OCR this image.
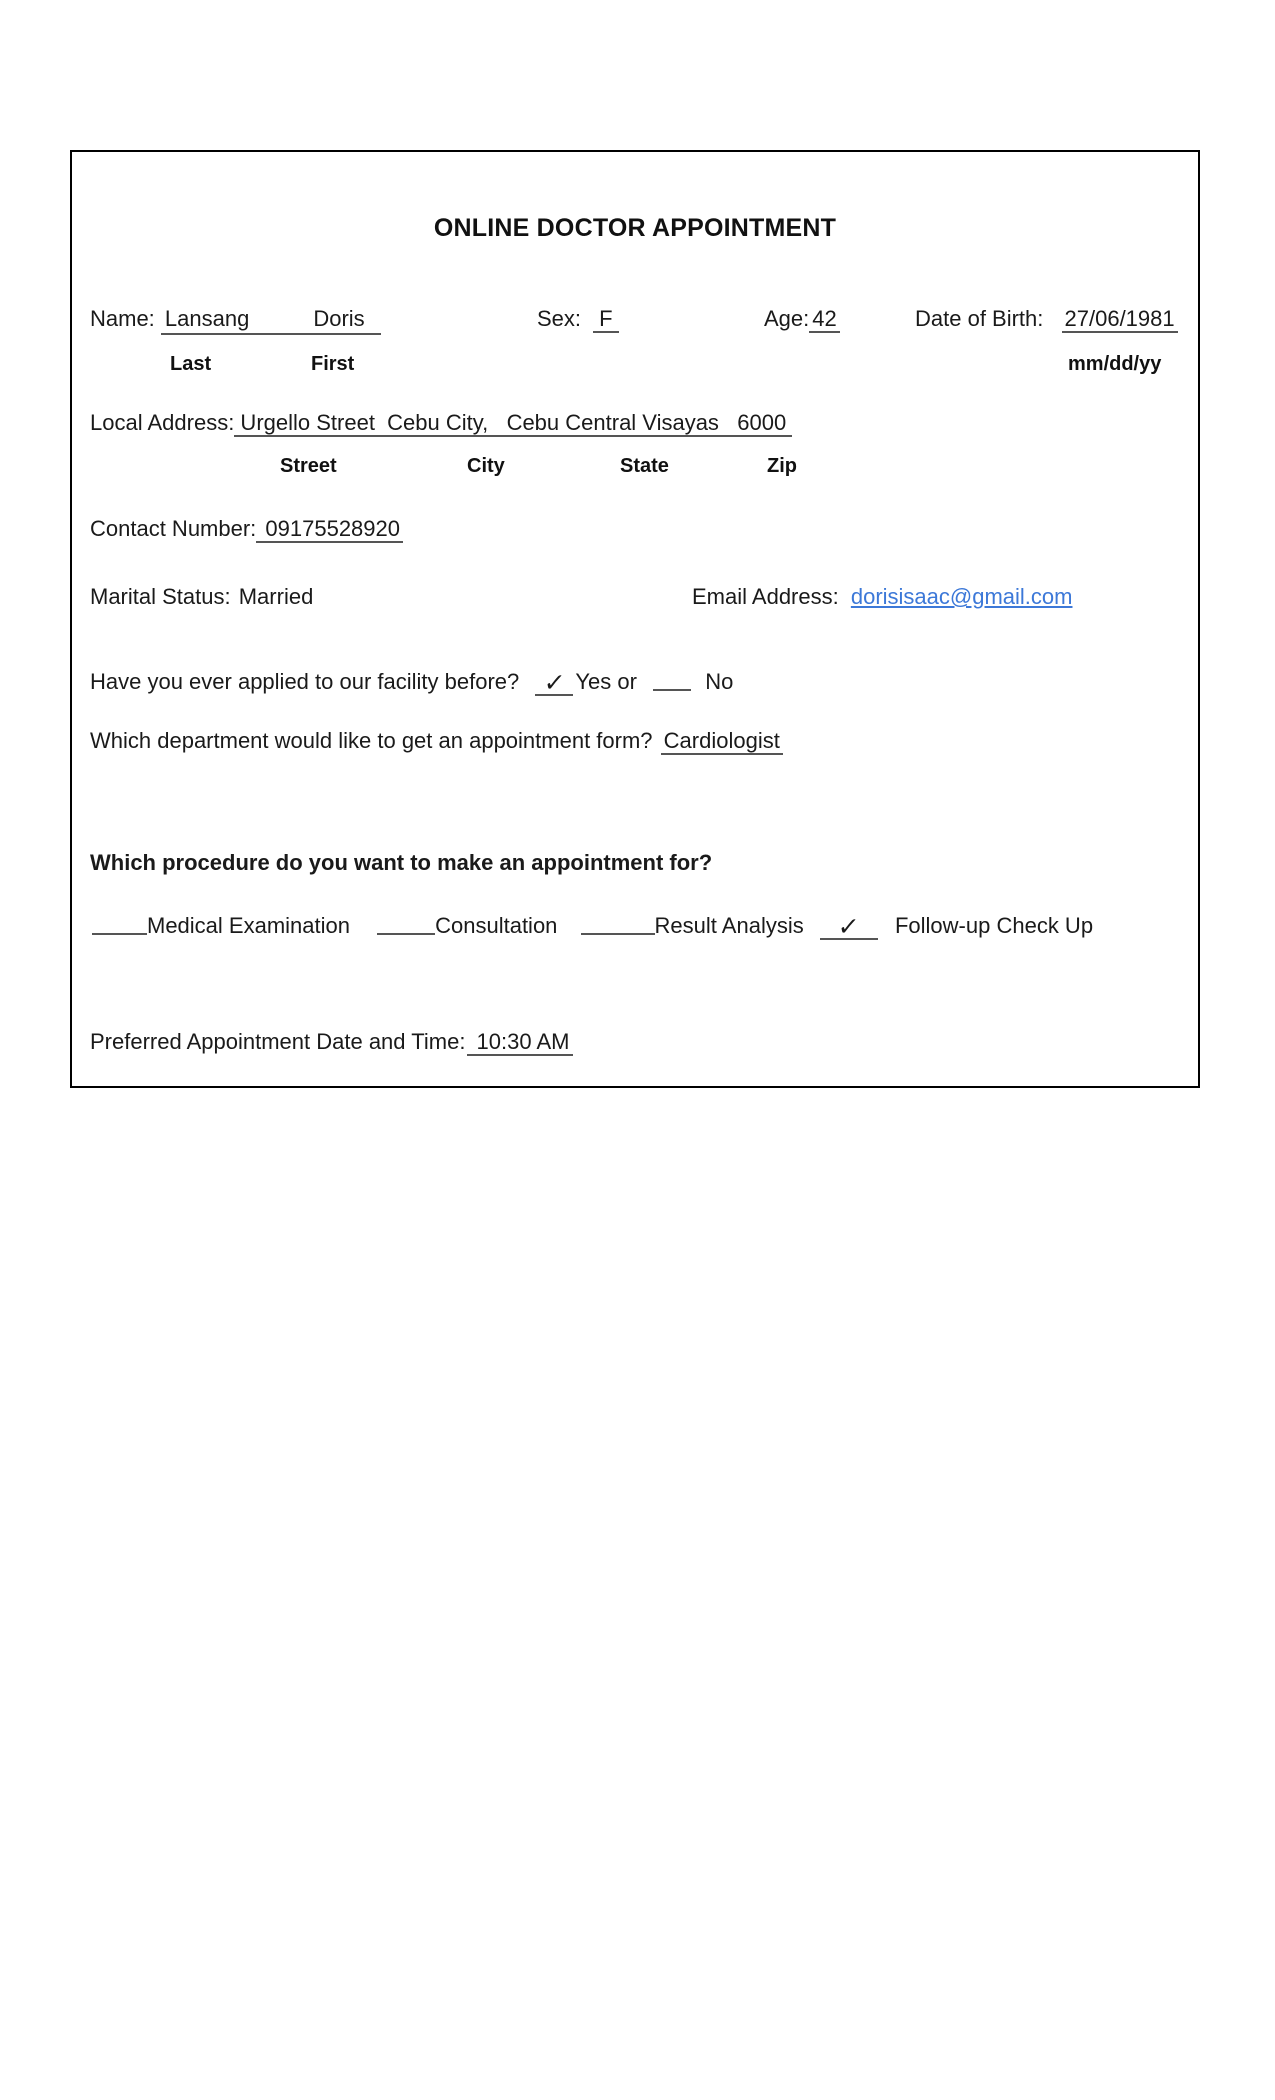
ONLINE DOCTOR APPOINTMENT
Name: Lansang	Doris	Sex: F	Age: 42	Date of Birth: 27/06/1981
Last	First	mm/dd/yy
Local Address: Urgello Street  Cebu City,   Cebu Central Visayas   6000
Street	City	State	Zip
Contact Number: 09175528920
Marital Status: Married	Email Address: dorisisaac@gmail.com
Have you ever applied to our facility before? ✓ Yes or	No
Which department would like to get an appointment form? Cardiologist
Which procedure do you want to make an appointment for?
Medical Examination	Consultation	Result Analysis ✓ Follow-up Check Up
Preferred Appointment Date and Time: 10:30 AM
